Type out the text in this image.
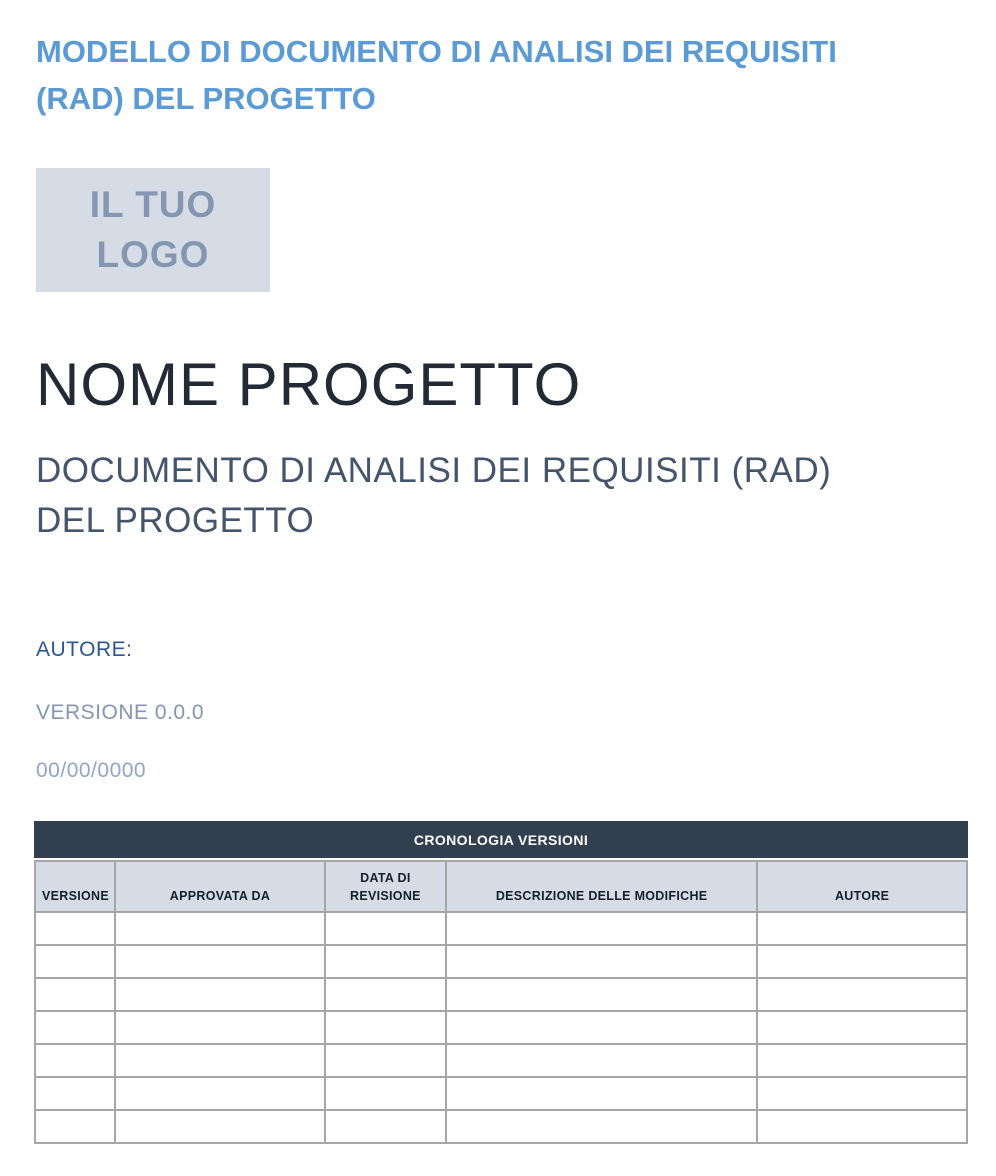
MODELLO DI DOCUMENTO DI ANALISI DEI REQUISITI
(RAD) DEL PROGETTO
IL TUO
LOGO
NOME PROGETTO
DOCUMENTO DI ANALISI DEI REQUISITI (RAD)
DEL PROGETTO
AUTORE:
VERSIONE 0.0.0
00/00/0000
CRONOLOGIA VERSIONI
VERSIONE	APPROVATA DA	DATA DI REVISIONE	DESCRIZIONE DELLE MODIFICHE	AUTORE
